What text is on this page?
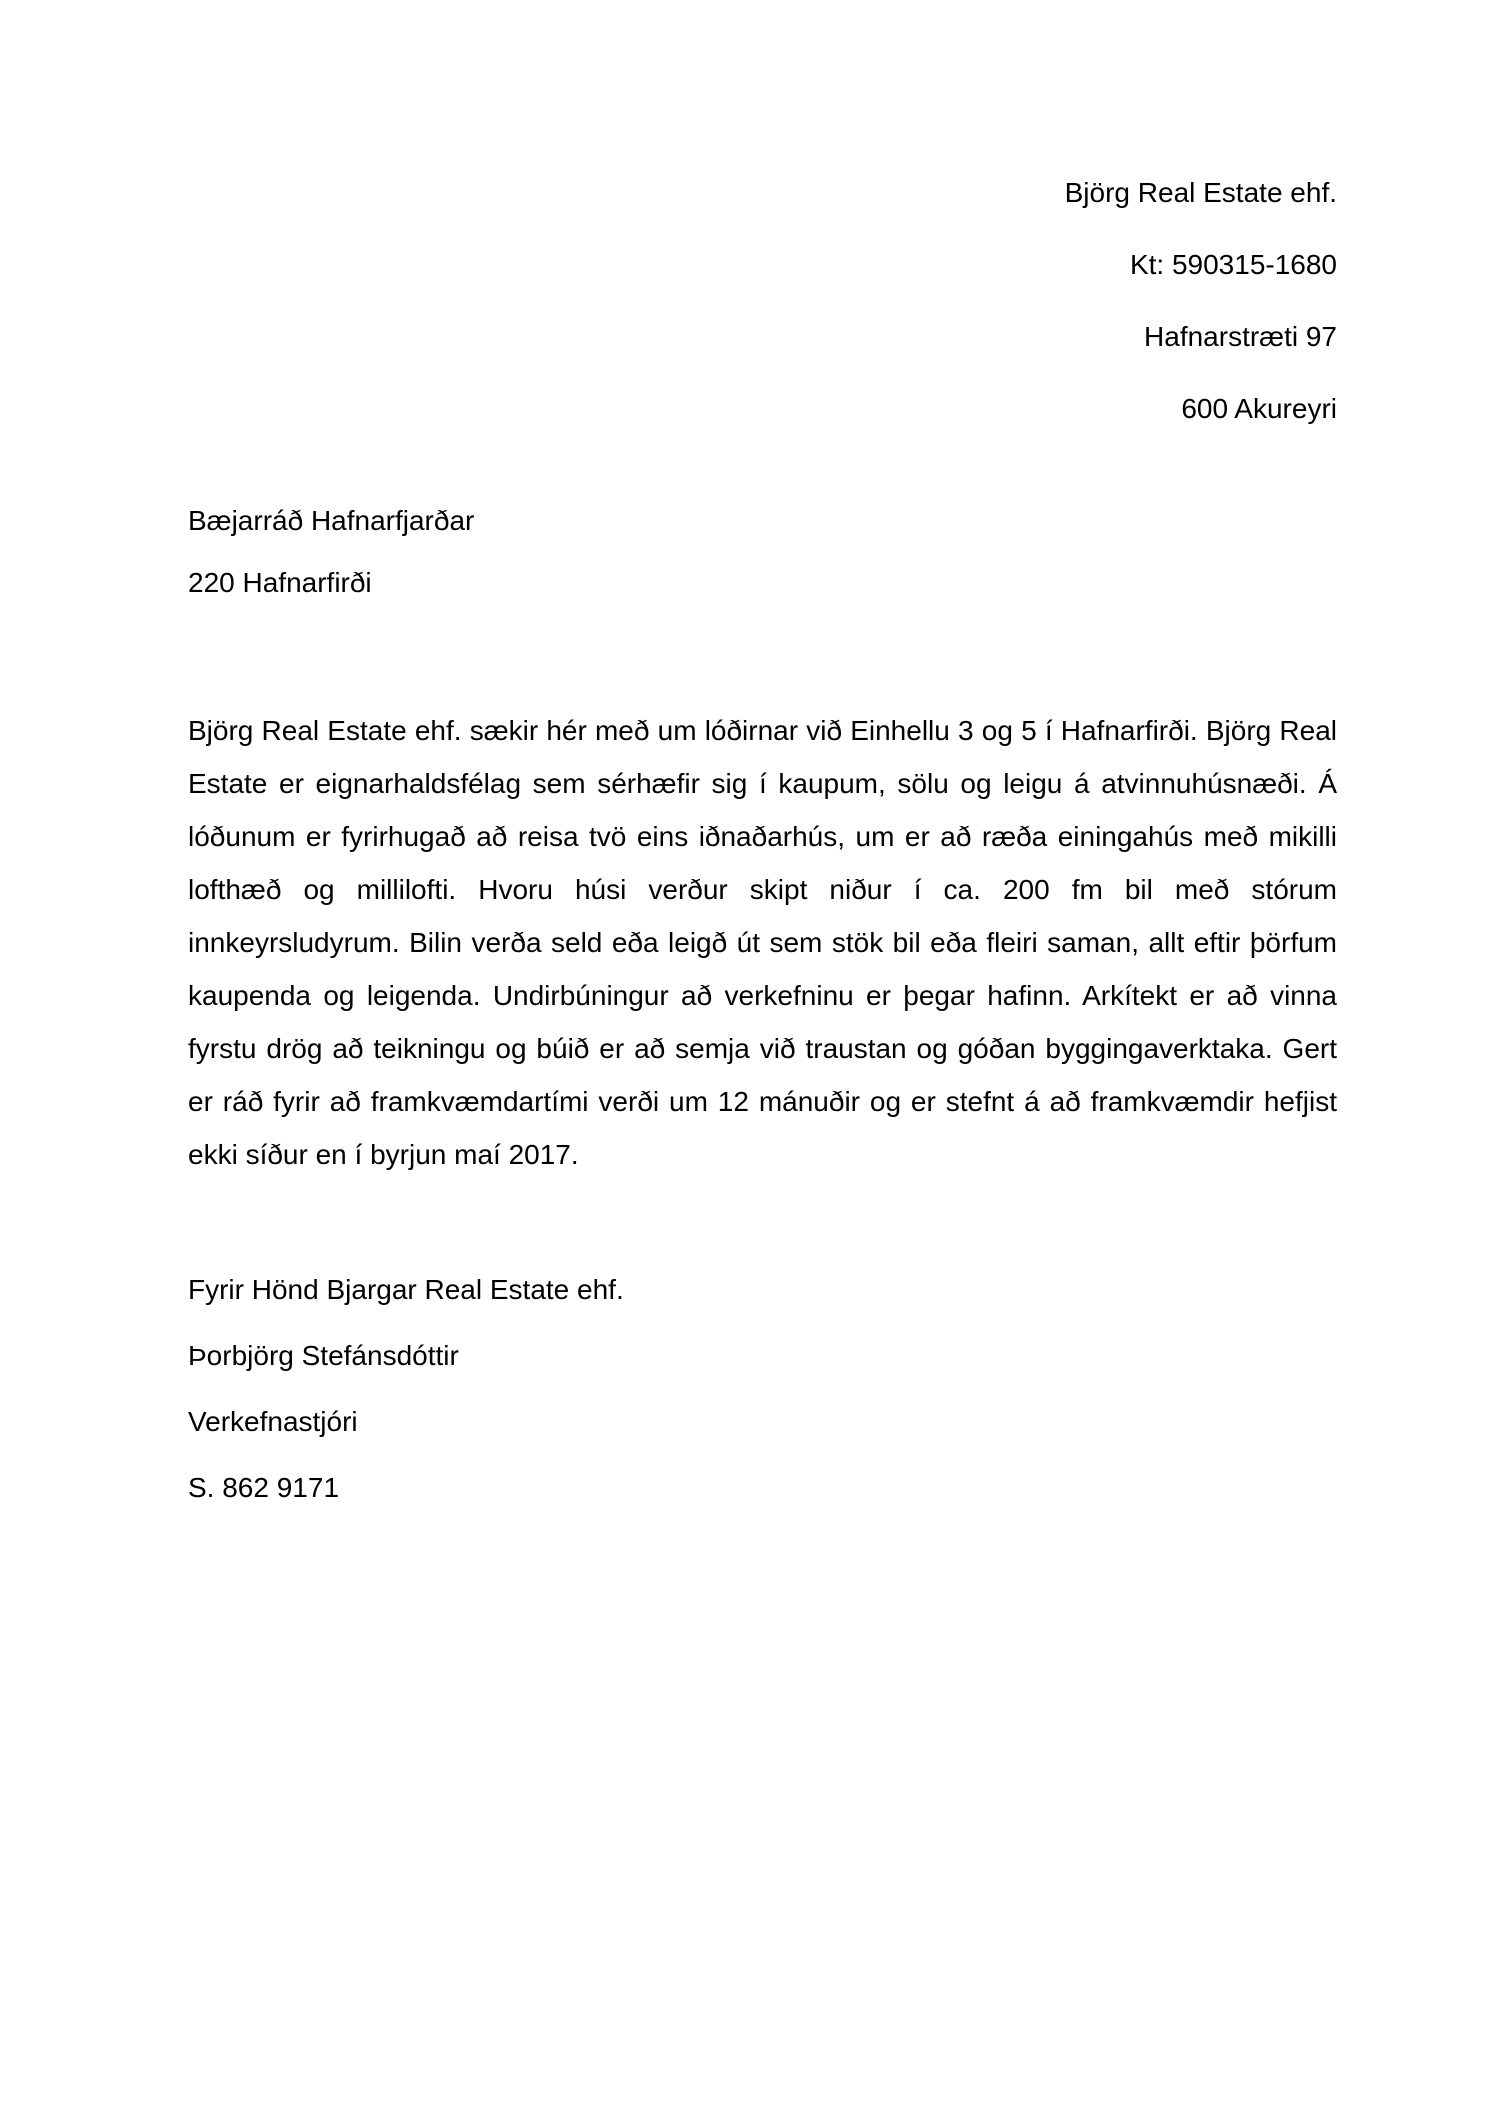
Björg Real Estate ehf.

Kt: 590315-1680

Hafnarstræti 97

600 Akureyri

Bæjarráð Hafnarfjarðar

220 Hafnarfirði

Björg Real Estate ehf. sækir hér með um lóðirnar við Einhellu 3 og 5 í Hafnarfirði. Björg Real Estate er eignarhaldsfélag sem sérhæfir sig í kaupum, sölu og leigu á atvinnuhúsnæði. Á lóðunum er fyrirhugað að reisa tvö eins iðnaðarhús, um er að ræða einingahús með mikilli lofthæð og millilofti. Hvoru húsi verður skipt niður í ca. 200 fm bil með stórum innkeyrsludyrum. Bilin verða seld eða leigð út sem stök bil eða fleiri saman, allt eftir þörfum kaupenda og leigenda. Undirbúningur að verkefninu er þegar hafinn. Arkítekt er að vinna fyrstu drög að teikningu og búið er að semja við traustan og góðan byggingaverktaka. Gert er ráð fyrir að framkvæmdartími verði um 12 mánuðir og er stefnt á að framkvæmdir hefjist ekki síður en í byrjun maí 2017.

Fyrir Hönd Bjargar Real Estate ehf.

Þorbjörg Stefánsdóttir

Verkefnastjóri

S. 862 9171
